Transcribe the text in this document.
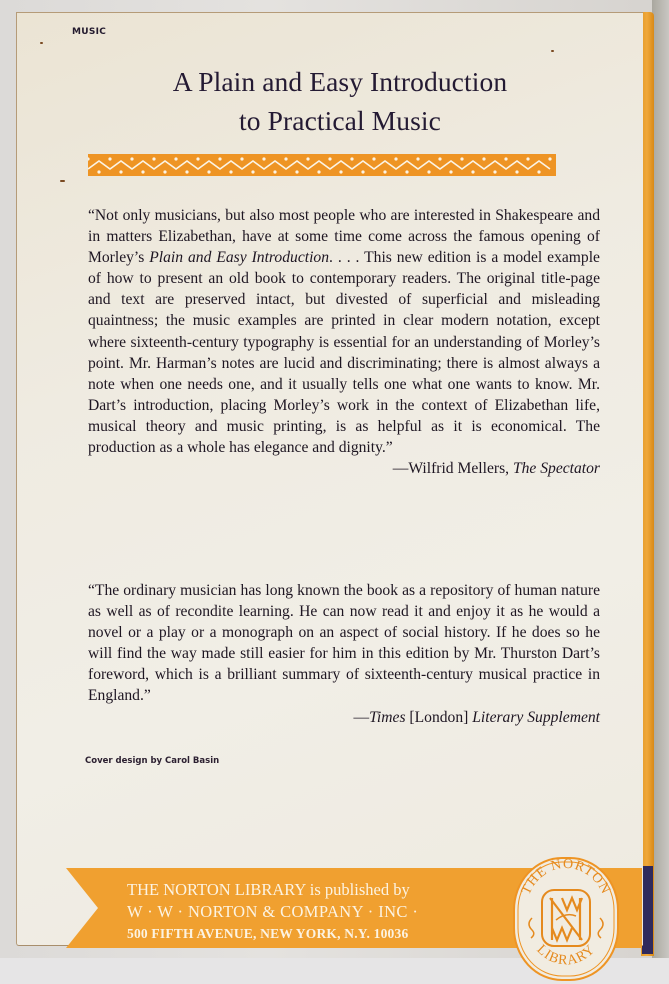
MUSIC
A Plain and Easy Introduction
to Practical Music

“Not only musicians, but also most people who are interested in Shakespeare and in matters Elizabethan, have at some time come across the famous opening of Morley’s Plain and Easy Introduction. . . . This new edition is a model example of how to present an old book to contemporary readers. The original title-page and text are preserved intact, but divested of superficial and misleading quaintness; the music examples are printed in clear modern notation, except where sixteenth-century typography is essential for an understanding of Morley’s point. Mr. Harman’s notes are lucid and discriminating; there is almost always a note when one needs one, and it usually tells one what one wants to know. Mr. Dart’s introduction, placing Morley’s work in the context of Elizabethan life, musical theory and music printing, is as helpful as it is economical. The production as a whole has elegance and dignity.”

—Wilfrid Mellers, The Spectator

“The ordinary musician has long known the book as a repository of human nature as well as of recondite learning. He can now read it and enjoy it as he would a novel or a play or a monograph on an aspect of social history. If he does so he will find the way made still easier for him in this edition by Mr. Thurston Dart’s foreword, which is a brilliant summary of sixteenth-century musical practice in England.”

—Times [London] Literary Supplement
Cover design by Carol Basin
THE NORTON LIBRARY is published by
W · W · NORTON & COMPANY · INC ·
500 FIFTH AVENUE, NEW YORK, N.Y. 10036
THE NORTON
LIBRARY
